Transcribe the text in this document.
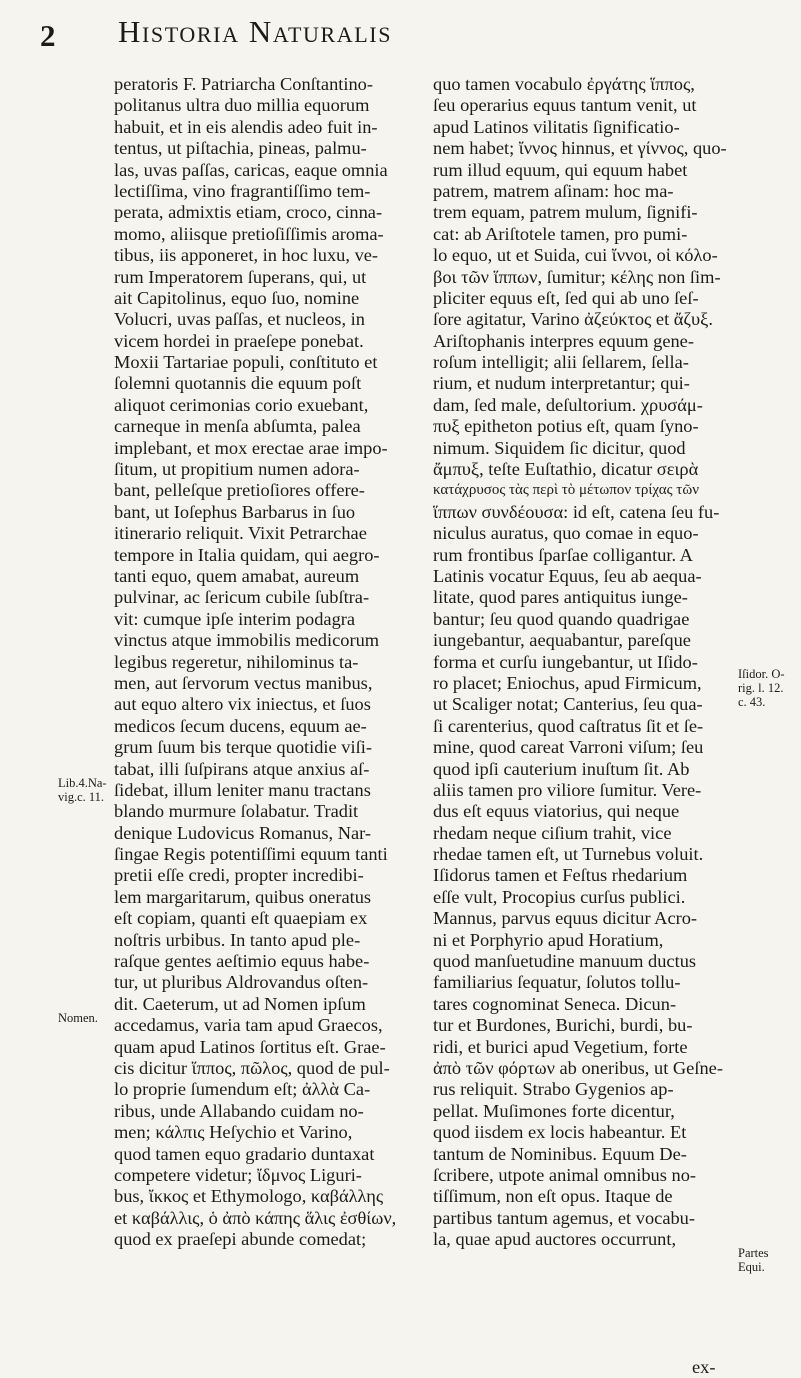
2 Historia Naturalis
peratoris F. Patriarcha Conſtantino-
politanus ultra duo millia equorum
habuit, et in eis alendis adeo fuit in-
tentus, ut piſtachia, pineas, palmu-
las, uvas paſſas, caricas, eaque omnia
lectiſſima, vino fragrantiſſimo tem-
perata, admixtis etiam, croco, cinna-
momo, aliisque pretioſiſſimis aroma-
tibus, iis apponeret, in hoc luxu, ve-
rum Imperatorem ſuperans, qui, ut
ait Capitolinus, equo ſuo, nomine
Volucri, uvas paſſas, et nucleos, in
vicem hordei in praeſepe ponebat.
Moxii Tartariae populi, conſtituto et
ſolemni quotannis die equum poſt
aliquot cerimonias corio exuebant,
carneque in menſa abſumta, palea
implebant, et mox erectae arae impo-
ſitum, ut propitium numen adora-
bant, pelleſque pretioſiores offere-
bant, ut Ioſephus Barbarus in ſuo
itinerario reliquit. Vixit Petrarchae
tempore in Italia quidam, qui aegro-
tanti equo, quem amabat, aureum
pulvinar, ac ſericum cubile ſubſtra-
vit: cumque ipſe interim podagra
vinctus atque immobilis medicorum
legibus regeretur, nihilominus ta-
men, aut ſervorum vectus manibus,
aut equo altero vix iniectus, et ſuos
medicos ſecum ducens, equum ae-
grum ſuum bis terque quotidie viſi-
tabat, illi ſuſpirans atque anxius aſ-
ſidebat, illum leniter manu tractans
blando murmure ſolabatur. Tradit
denique Ludovicus Romanus, Nar-
ſingae Regis potentiſſimi equum tanti
pretii eſſe credi, propter incredibi-
lem margaritarum, quibus oneratus
eſt copiam, quanti eſt quaepiam ex
noſtris urbibus. In tanto apud ple-
raſque gentes aeſtimio equus habe-
tur, ut pluribus Aldrovandus oſten-
dit. Caeterum, ut ad Nomen ipſum
accedamus, varia tam apud Graecos,
quam apud Latinos ſortitus eſt. Grae-
cis dicitur ἵππος, πῶλος, quod de pul-
lo proprie ſumendum eſt; ἀλλὰ Ca-
ribus, unde Allabando cuidam no-
men; κάλπις Heſychio et Varino,
quod tamen equo gradario duntaxat
competere videtur; ἴδμνος Liguri-
bus, ἴκκος et Ethymologo, καβάλλης
et καβάλλις, ὁ ἀπὸ κάπης ἅλις ἐσθίων,
quod ex praeſepi abunde comedat;
quo tamen vocabulo ἐργάτης ἵππος,
ſeu operarius equus tantum venit, ut
apud Latinos vilitatis ſignificatio-
nem habet; ἴννος hinnus, et γίννος, quo-
rum illud equum, qui equum habet
patrem, matrem aſinam: hoc ma-
trem equam, patrem mulum, ſignifi-
cat: ab Ariſtotele tamen, pro pumi-
lo equo, ut et Suida, cui ἴννοι, οἱ κόλο-
βοι τῶν ἵππων, ſumitur; κέλης non ſim-
pliciter equus eſt, ſed qui ab uno ſeſ-
ſore agitatur, Varino ἀζεύκτος et ἄζυξ.
Ariſtophanis interpres equum gene-
roſum intelligit; alii ſellarem, ſella-
rium, et nudum interpretantur; qui-
dam, ſed male, deſultorium. χρυσάμ-
πυξ epitheton potius eſt, quam ſyno-
nimum. Siquidem ſic dicitur, quod
ἄμπυξ, teſte Euſtathio, dicatur σειρὰ
κατάχρυσος τὰς περὶ τὸ μέτωπον τρίχας τῶν
ἵππων συνδέουσα: id eſt, catena ſeu fu-
niculus auratus, quo comae in equo-
rum frontibus ſparſae colligantur. A
Latinis vocatur Equus, ſeu ab aequa-
litate, quod pares antiquitus iunge-
bantur; ſeu quod quando quadrigae
iungebantur, aequabantur, pareſque
forma et curſu iungebantur, ut Iſido-
ro placet; Eniochus, apud Firmicum,
ut Scaliger notat; Canterius, ſeu qua-
ſi carenterius, quod caſtratus ſit et ſe-
mine, quod careat Varroni viſum; ſeu
quod ipſi cauterium inuſtum ſit. Ab
aliis tamen pro viliore ſumitur. Vere-
dus eſt equus viatorius, qui neque
rhedam neque ciſium trahit, vice
rhedae tamen eſt, ut Turnebus voluit.
Iſidorus tamen et Feſtus rhedarium
eſſe vult, Procopius curſus publici.
Mannus, parvus equus dicitur Acro-
ni et Porphyrio apud Horatium,
quod manſuetudine manuum ductus
familiarius ſequatur, ſolutos tollu-
tares cognominat Seneca. Dicun-
tur et Burdones, Burichi, burdi, bu-
ridi, et burici apud Vegetium, forte
ἀπὸ τῶν φόρτων ab oneribus, ut Geſne-
rus reliquit. Strabo Gygenios ap-
pellat. Muſimones forte dicentur,
quod iisdem ex locis habeantur. Et
tantum de Nominibus. Equum De-
ſcribere, utpote animal omnibus no-
tiſſimum, non eſt opus. Itaque de
partibus tantum agemus, et vocabu-
la, quae apud auctores occurrunt,
Lib.4.Na-
vig.c. 11.
Nomen.
Iſidor. O-
rig. l. 12.
c. 43.
Partes
Equi.
ex-
